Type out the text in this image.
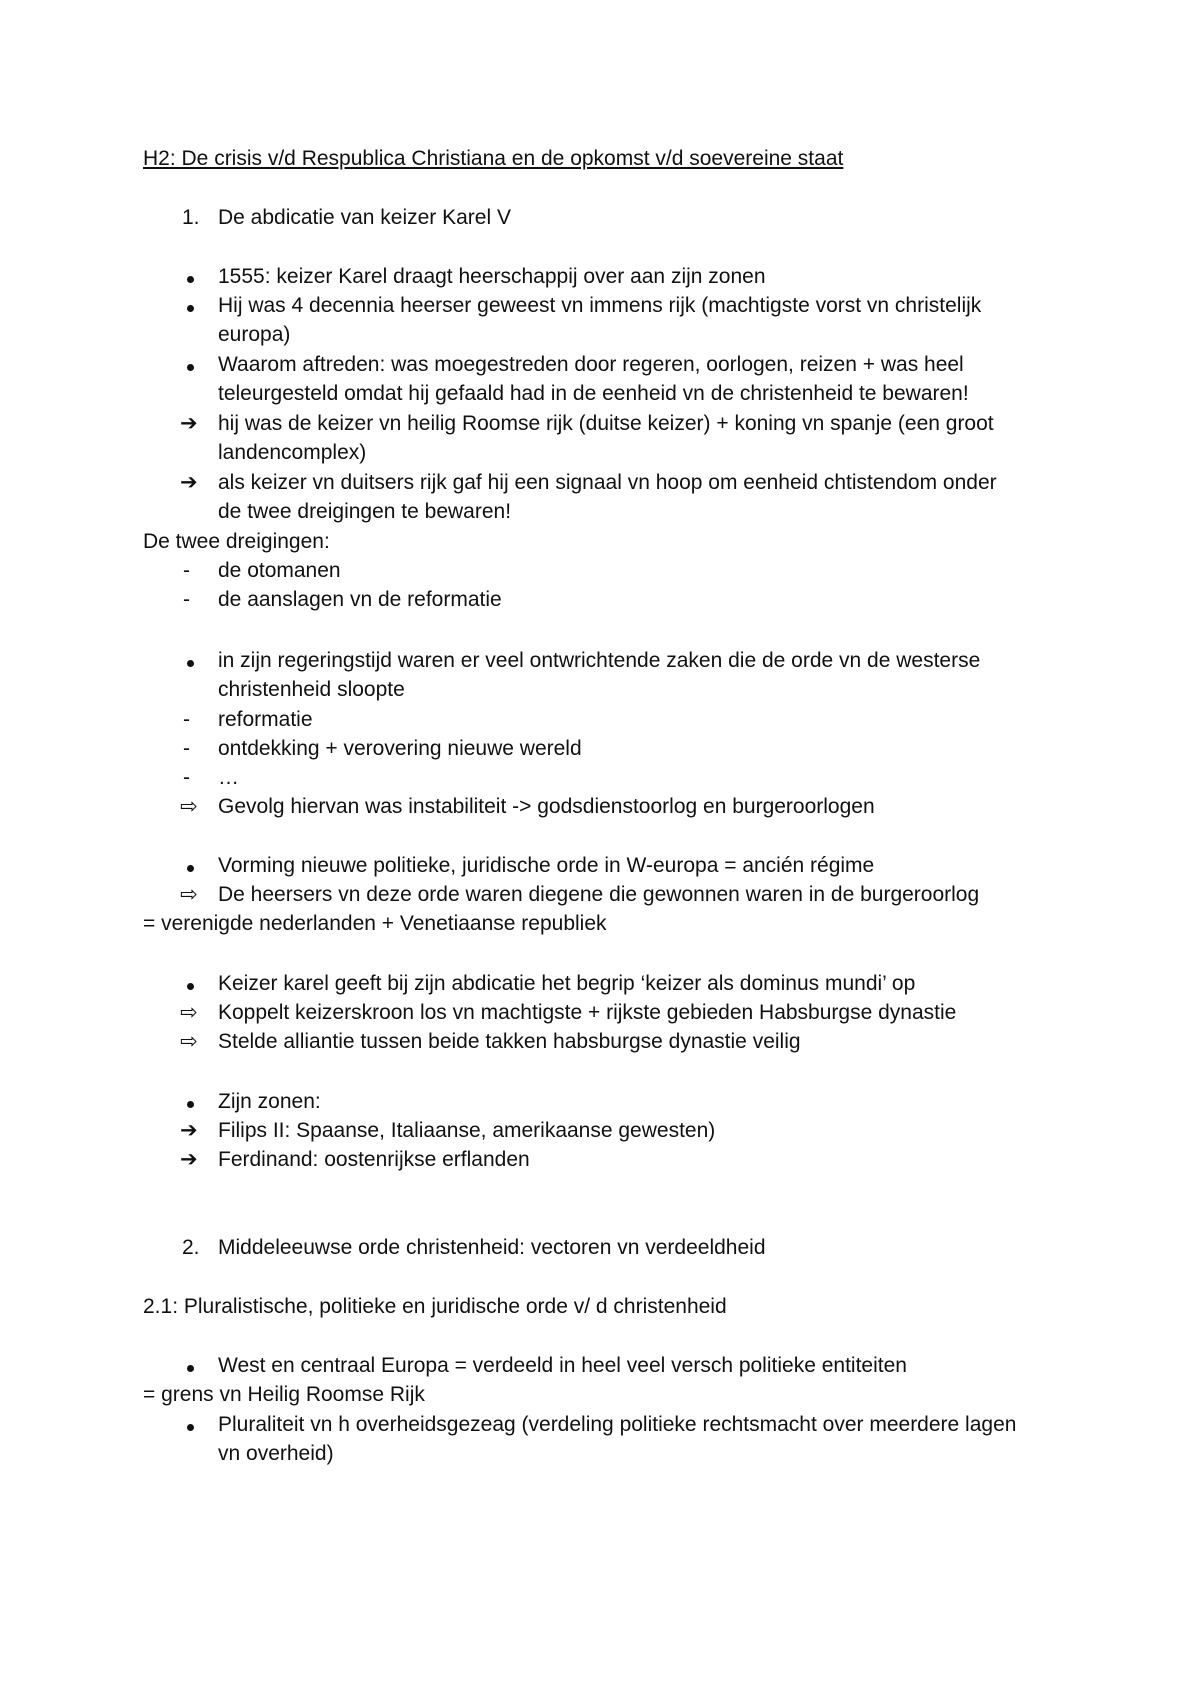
H2: De crisis v/d Respublica Christiana en de opkomst v/d soevereine staat
1. De abdicatie van keizer Karel V
1555: keizer Karel draagt heerschappij over aan zijn zonen
Hij was 4 decennia heerser geweest vn immens rijk (machtigste vorst vn christelijk
europa)
Waarom aftreden: was moegestreden door regeren, oorlogen, reizen + was heel
teleurgesteld omdat hij gefaald had in de eenheid vn de christenheid te bewaren!
➔ hij was de keizer vn heilig Roomse rijk (duitse keizer) + koning vn spanje (een groot
landencomplex)
➔ als keizer vn duitsers rijk gaf hij een signaal vn hoop om eenheid chtistendom onder
de twee dreigingen te bewaren!
De twee dreigingen:
- de otomanen
- de aanslagen vn de reformatie
in zijn regeringstijd waren er veel ontwrichtende zaken die de orde vn de westerse
christenheid sloopte
- reformatie
- ontdekking + verovering nieuwe wereld
- …
⇨ Gevolg hiervan was instabiliteit -> godsdienstoorlog en burgeroorlogen
Vorming nieuwe politieke, juridische orde in W-europa = ancién régime
⇨ De heersers vn deze orde waren diegene die gewonnen waren in de burgeroorlog
= verenigde nederlanden + Venetiaanse republiek
Keizer karel geeft bij zijn abdicatie het begrip ‘keizer als dominus mundi’ op
⇨ Koppelt keizerskroon los vn machtigste + rijkste gebieden Habsburgse dynastie
⇨ Stelde alliantie tussen beide takken habsburgse dynastie veilig
Zijn zonen:
➔ Filips II: Spaanse, Italiaanse, amerikaanse gewesten)
➔ Ferdinand: oostenrijkse erflanden
2. Middeleeuwse orde christenheid: vectoren vn verdeeldheid
2.1: Pluralistische, politieke en juridische orde v/ d christenheid
West en centraal Europa = verdeeld in heel veel versch politieke entiteiten
= grens vn Heilig Roomse Rijk
Pluraliteit vn h overheidsgezeag (verdeling politieke rechtsmacht over meerdere lagen
vn overheid)
